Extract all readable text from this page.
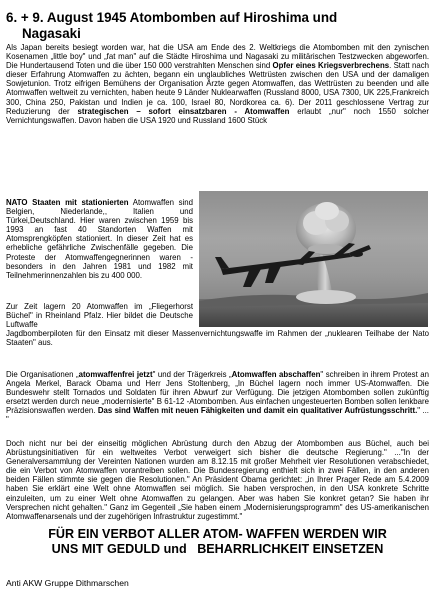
6. + 9. August 1945 Atombomben auf Hiroshima und
Nagasaki
Als Japan bereits besiegt worden war, hat die USA am Ende des 2. Weltkriegs die Atombomben mit den zynischen Kosenamen „little boy" und „fat man" auf die Städte Hiroshima und Nagasaki zu militärischen Testzwecken abgeworfen. Die Hundertausend Toten und die über 150 000 verstrahlten Menschen sind Opfer eines Kriegsverbrechens. Statt nach dieser Erfahrung Atomwaffen zu ächten, begann ein unglaubliches Wettrüsten zwischen den USA und der damaligen Sowjetunion. Trotz eifrigen Bemühens der Organisation Ärzte gegen Atomwaffen, das Wettrüsten zu beenden und alle Atomwaffen weltweit zu vernichten, haben heute 9 Länder Nuklearwaffen (Russland 8000, USA 7300, UK 225,Frankreich 300, China 250, Pakistan und Indien je ca. 100, Israel 80, Nordkorea ca. 6). Der 2011 geschlossene Vertrag zur Reduzierung der strategischen – sofort einsatzbaren - Atomwaffen erlaubt „nur" noch 1550 solcher Vernichtungswaffen. Davon haben die USA 1920 und Russland 1600 Stück
NATO Staaten mit stationierten Atomwaffen sind Belgien, Niederlande,, Italien und Türkei,Deutschland. Hier waren zwischen 1959 bis 1993 an fast 40 Standorten Waffen mit Atomsprengköpfen stationiert. In dieser Zeit hat es erhebliche gefährliche Zwischenfälle gegeben. Die Proteste der Atomwaffengegnerinnen waren - besonders in den Jahren 1981 und 1982 mit Teilnehmerinnenzahlen bis zu 400 000.
Zur Zeit lagern 20 Atomwaffen im „Fliegerhorst Büchel" in Rheinland Pfalz. Hier bildet die Deutsche Luftwaffe
Jagdbomberpiloten für den Einsatz mit dieser Massenvernichtungswaffe im Rahmen der „nuklearen Teilhabe der Nato Staaten" aus.
Die Organisationen „atomwaffenfrei jetzt" und der Trägerkreis „Atomwaffen abschaffen" schreiben in ihrem Protest an Angela Merkel, Barack Obama und Herr Jens Stoltenberg, „In Büchel lagern noch immer US-Atomwaffen. Die Bundeswehr stellt Tornados und Soldaten für ihren Abwurf zur Verfügung. Die jetzigen Atombomben sollen zukünftig ersetzt werden durch neue „modernisierte" B 61-12 -Atombomben. Aus einfachen ungesteuerten Bomben sollen lenkbare Präzisionswaffen werden. Das sind Waffen mit neuen Fähigkeiten und damit ein qualitativer Aufrüstungsschritt." ... "
Doch nicht nur bei der einseitig möglichen Abrüstung durch den Abzug der Atombomben aus Büchel, auch bei Abrüstungsinitiativen für ein weltweites Verbot verweigert sich bisher die deutsche Regierung." ..."In der Generalversammlung der Vereinten Nationen wurden am 8.12.15 mit großer Mehrheit vier Resolutionen verabschiedet, die ein Verbot von Atomwaffen vorantreiben sollen. Die Bundesregierung enthielt sich in zwei Fällen, in den anderen beiden Fällen stimmte sie gegen die Resolutionen." An Präsident Obama gerichtet: „in Ihrer Prager Rede am 5.4.2009 haben Sie erklärt eine Welt ohne Atomwaffen sei möglich. Sie haben versprochen, in den USA konkrete Schritte einzuleiten, um zu einer Welt ohne Atomwaffen zu gelangen. Aber was haben Sie konkret getan? Sie haben ihr Versprechen nicht gehalten." Ganz im Gegenteil „Sie haben einem „Modernisierungsprogramm" des US-amerikanischen Atomwaffenarsenals und der zugehörigen Infrastruktur zugestimmt."
FÜR EIN VERBOT ALLER ATOM- WAFFEN WERDEN WIR
UNS MIT GEDULD und   BEHARRLICHKEIT EINSETZEN
Anti AKW Gruppe Dithmarschen
